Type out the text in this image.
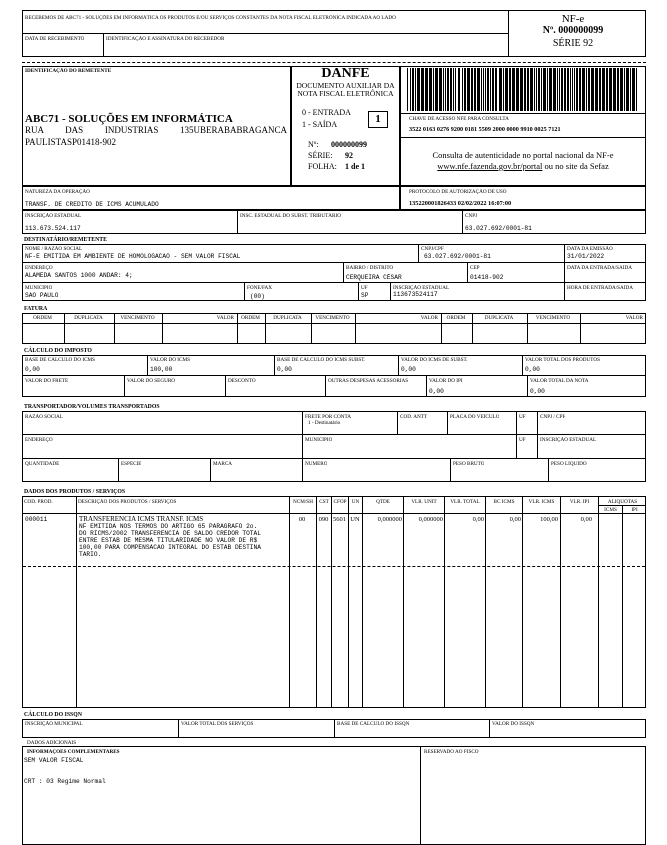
RECEBEMOS DE ABC71 - SOLUÇÕES EM INFORMÁTICA OS PRODUTOS E/OU SERVIÇOS CONSTANTES DA NOTA FISCAL ELETRÔNICA INDICADA AO LADO
DATA DE RECEBIMENTO	IDENTIFICAÇÃO E ASSINATURA DO RECEBEDOR
NF-e
Nº. 000000099
SÉRIE 92
IDENTIFICAÇÃO DO REMETENTE
ABC71 - SOLUÇÕES EM INFORMÁTICA
RUA DAS INDUSTRIAS 135UBERABABRAGANCA
PAULISTASP01418-902
DANFE
DOCUMENTO AUXILIAR DA
NOTA FISCAL ELETRÔNICA
0 - ENTRADA
1 - SAÍDA	1
Nº: 000000099
SÉRIE: 92
FOLHA: 1 de 1
CHAVE DE ACESSO NFE PARA CONSULTA
3522 0163 0276 9200 0181 5509 2000 0000 9910 0025 7121
Consulta de autenticidade no portal nacional da NF-e
www.nfe.fazenda.gov.br/portal ou no site da Sefaz
NATUREZA DA OPERAÇÃO
TRANSF. DE CREDITO DE ICMS ACUMULADO
PROTOCOLO DE AUTORIZAÇÃO DE USO
135220001826433 02/02/2022 16:07:00
INSCRIÇÃO ESTADUAL
113.673.524.117
INSC. ESTADUAL DO SUBST. TRIBUTÁRIO	CNPJ
63.027.692/0001-81
DESTINATÁRIO/REMETENTE
NOME / RAZÃO SOCIAL
NF-E EMITIDA EM AMBIENTE DE HOMOLOGACAO - SEM VALOR FISCAL
CNPJ/CPF
63.027.692/0001-81
DATA DA EMISSÃO
31/01/2022
ENDEREÇO
ALAMEDA SANTOS 1000 ANDAR: 4;
BAIRRO / DISTRITO
CERQUEIRA CÉSAR
CEP
01418-902
DATA DA ENTRADA/SAÍDA
MUNICÍPIO
SAO PAULO
FONE/FAX
(00)
UF
SP
INSCRIÇÃO ESTADUAL
113673524117
HORA DE ENTRADA/SAÍDA
FATURA
ORDEM	DUPLICATA	VENCIMENTO	VALOR	ORDEM	DUPLICATA	VENCIMENTO	VALOR	ORDEM	DUPLICATA	VENCIMENTO	VALOR
CÁLCULO DO IMPOSTO
BASE DE CÁLCULO DO ICMS
0,00
VALOR DO ICMS
100,00
BASE DE CÁLCULO DO ICMS SUBST.
0,00
VALOR DO ICMS DE SUBST.
0,00
VALOR TOTAL DOS PRODUTOS
0,00
VALOR DO FRETE	VALOR DO SEGURO	DESCONTO	OUTRAS DESPESAS ACESSÓRIAS	VALOR DO IPI
0,00
VALOR TOTAL DA NOTA
0,00
TRANSPORTADOR/VOLUMES TRANSPORTADOS
RAZÃO SOCIAL	FRETE POR CONTA
1 - Destinatário
COD. ANTT	PLACA DO VEÍCULO	UF	CNPJ / CPF
ENDEREÇO	MUNICÍPIO	UF	INSCRIÇÃO ESTADUAL
QUANTIDADE	ESPÉCIE	MARCA	NUMERO	PESO BRUTO	PESO LÍQUIDO
DADOS DOS PRODUTOS / SERVIÇOS
COD. PROD.	DESCRIÇÃO DOS PRODUTOS / SERVIÇOS	NCM/SH	CST CFOP	UN	QTDE	VLR. UNIT	VLR. TOTAL	BC ICMS	VLR. ICMS	VLR. IPI	ALIQUOTAS
ICMS	IPI
000011	TRANSFERENCIA ICMS TRANSF. ICMS
NF EMITIDA NOS TERMOS DO ARTIGO 65 PARAGRAFO 2o.
DO RICMS/2002 TRANSFERENCIA DE SALDO CREDOR TOTAL
ENTRE ESTAB DE MESMA TITULARIDADE NO VALOR DE R$
100,00 PARA COMPENSACAO INTEGRAL DO ESTAB DESTINA
TARIO.
00	090 5601 UN	0,000000	0,000000	0,00	0,00	100,00	0,00
CÁLCULO DO ISSQN
INSCRIÇÃO MUNICIPAL	VALOR TOTAL DOS SERVIÇOS	BASE DE CÁLCULO DO ISSQN	VALOR DO ISSQN
DADOS ADICIONAIS
INFORMAÇÕES COMPLEMENTARES
SEM VALOR FISCAL
CRT : 03 Regime Normal
RESERVADO AO FISCO
